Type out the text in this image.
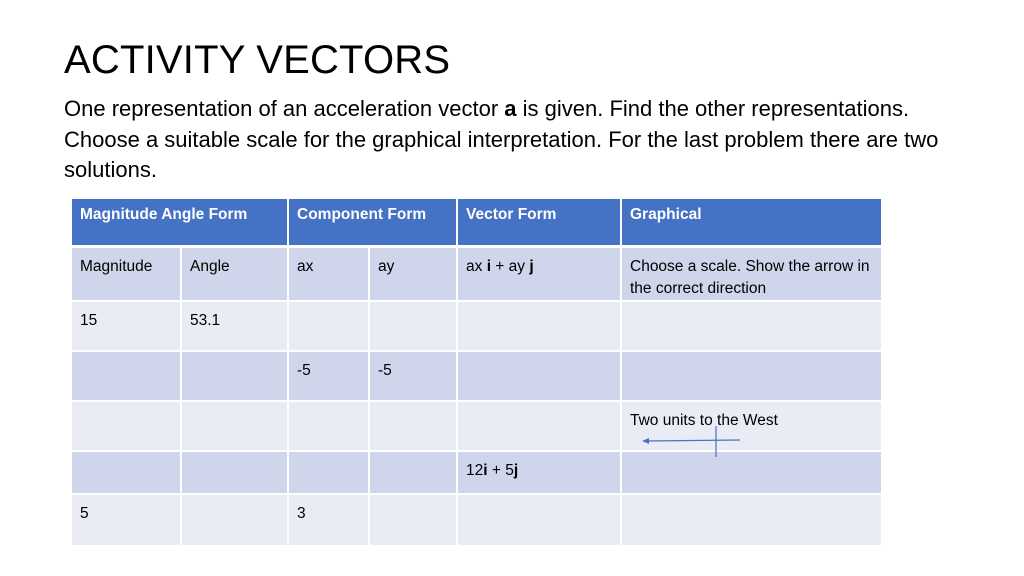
ACTIVITY VECTORS

One representation of an acceleration vector a is given. Find the other representations.

Choose a suitable scale for the graphical interpretation. For the last problem there are two solutions.

Magnitude Angle Form		Component Form		Vector Form	Graphical
Magnitude	Angle	ax	ay	ax i + ay j	Choose a scale. Show the arrow in the correct direction
15	53.1				
		-5	-5		
					Two units to the West

				12i + 5j	
5		3			
